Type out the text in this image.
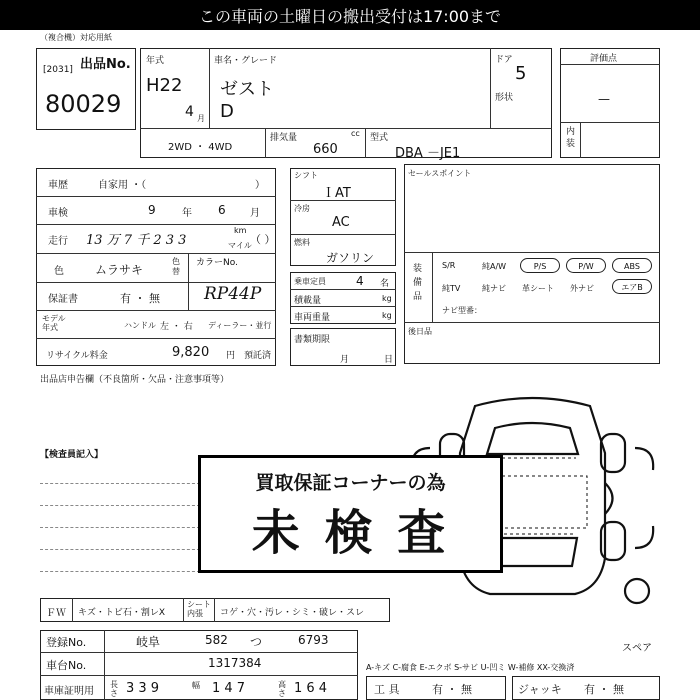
この車両の土曜日の搬出受付は17:00まで
（複合機）対応用紙
出品No.
[2031]
80029
年式
H22
4 月
車名・グレード
ゼスト
D
ドア
5
形状
2WD ・ 4WD
排気量	cc
660
型式
DBA －JE1
評価点
—
内装
車歴	自家用 ・（	）
車検	9	年 6 月
走行 13 万 7 千 2 3 3
km
マイル
（ ）
色	ムラサキ
色替
カラーNo.
RP44P
保証書	有 ・ 無
モデル年式	ハンドル 左 ・ 右 ディーラー・並行
リサイクル料金	9,820 円 預託済
出品店申告欄（不良箇所・欠品・注意事項等）
シフト
ＩAT
冷房
AC
燃料
ガソリン
乗車定員	4 名
積載量	kg
車両重量	kg
書類期限
月	日
セールスポイント
装備品
S/R	純A/W	P/S	P/W	ABS
純TV	純ナビ 革シート 外ナビ	エアB
ナビ型番：
後日品
【検査員記入】
スペア
買取保証コーナーの為
未 検 査
ＦＷ キズ・トビ石・割レX
シート内張	コゲ・穴・汚レ・シミ・破レ・スレ
登録No.	岐阜	582 つ	6793
車台No.	1317384
車庫証明用
長さ 3 3 9	幅 1 4 7	高さ 1 6 4
A-キズ C-腐食 E-エクボ S-サビ U-凹ミ W-補修 XX-交換済
工 具	有 ・ 無	ジャッキ 有 ・ 無
